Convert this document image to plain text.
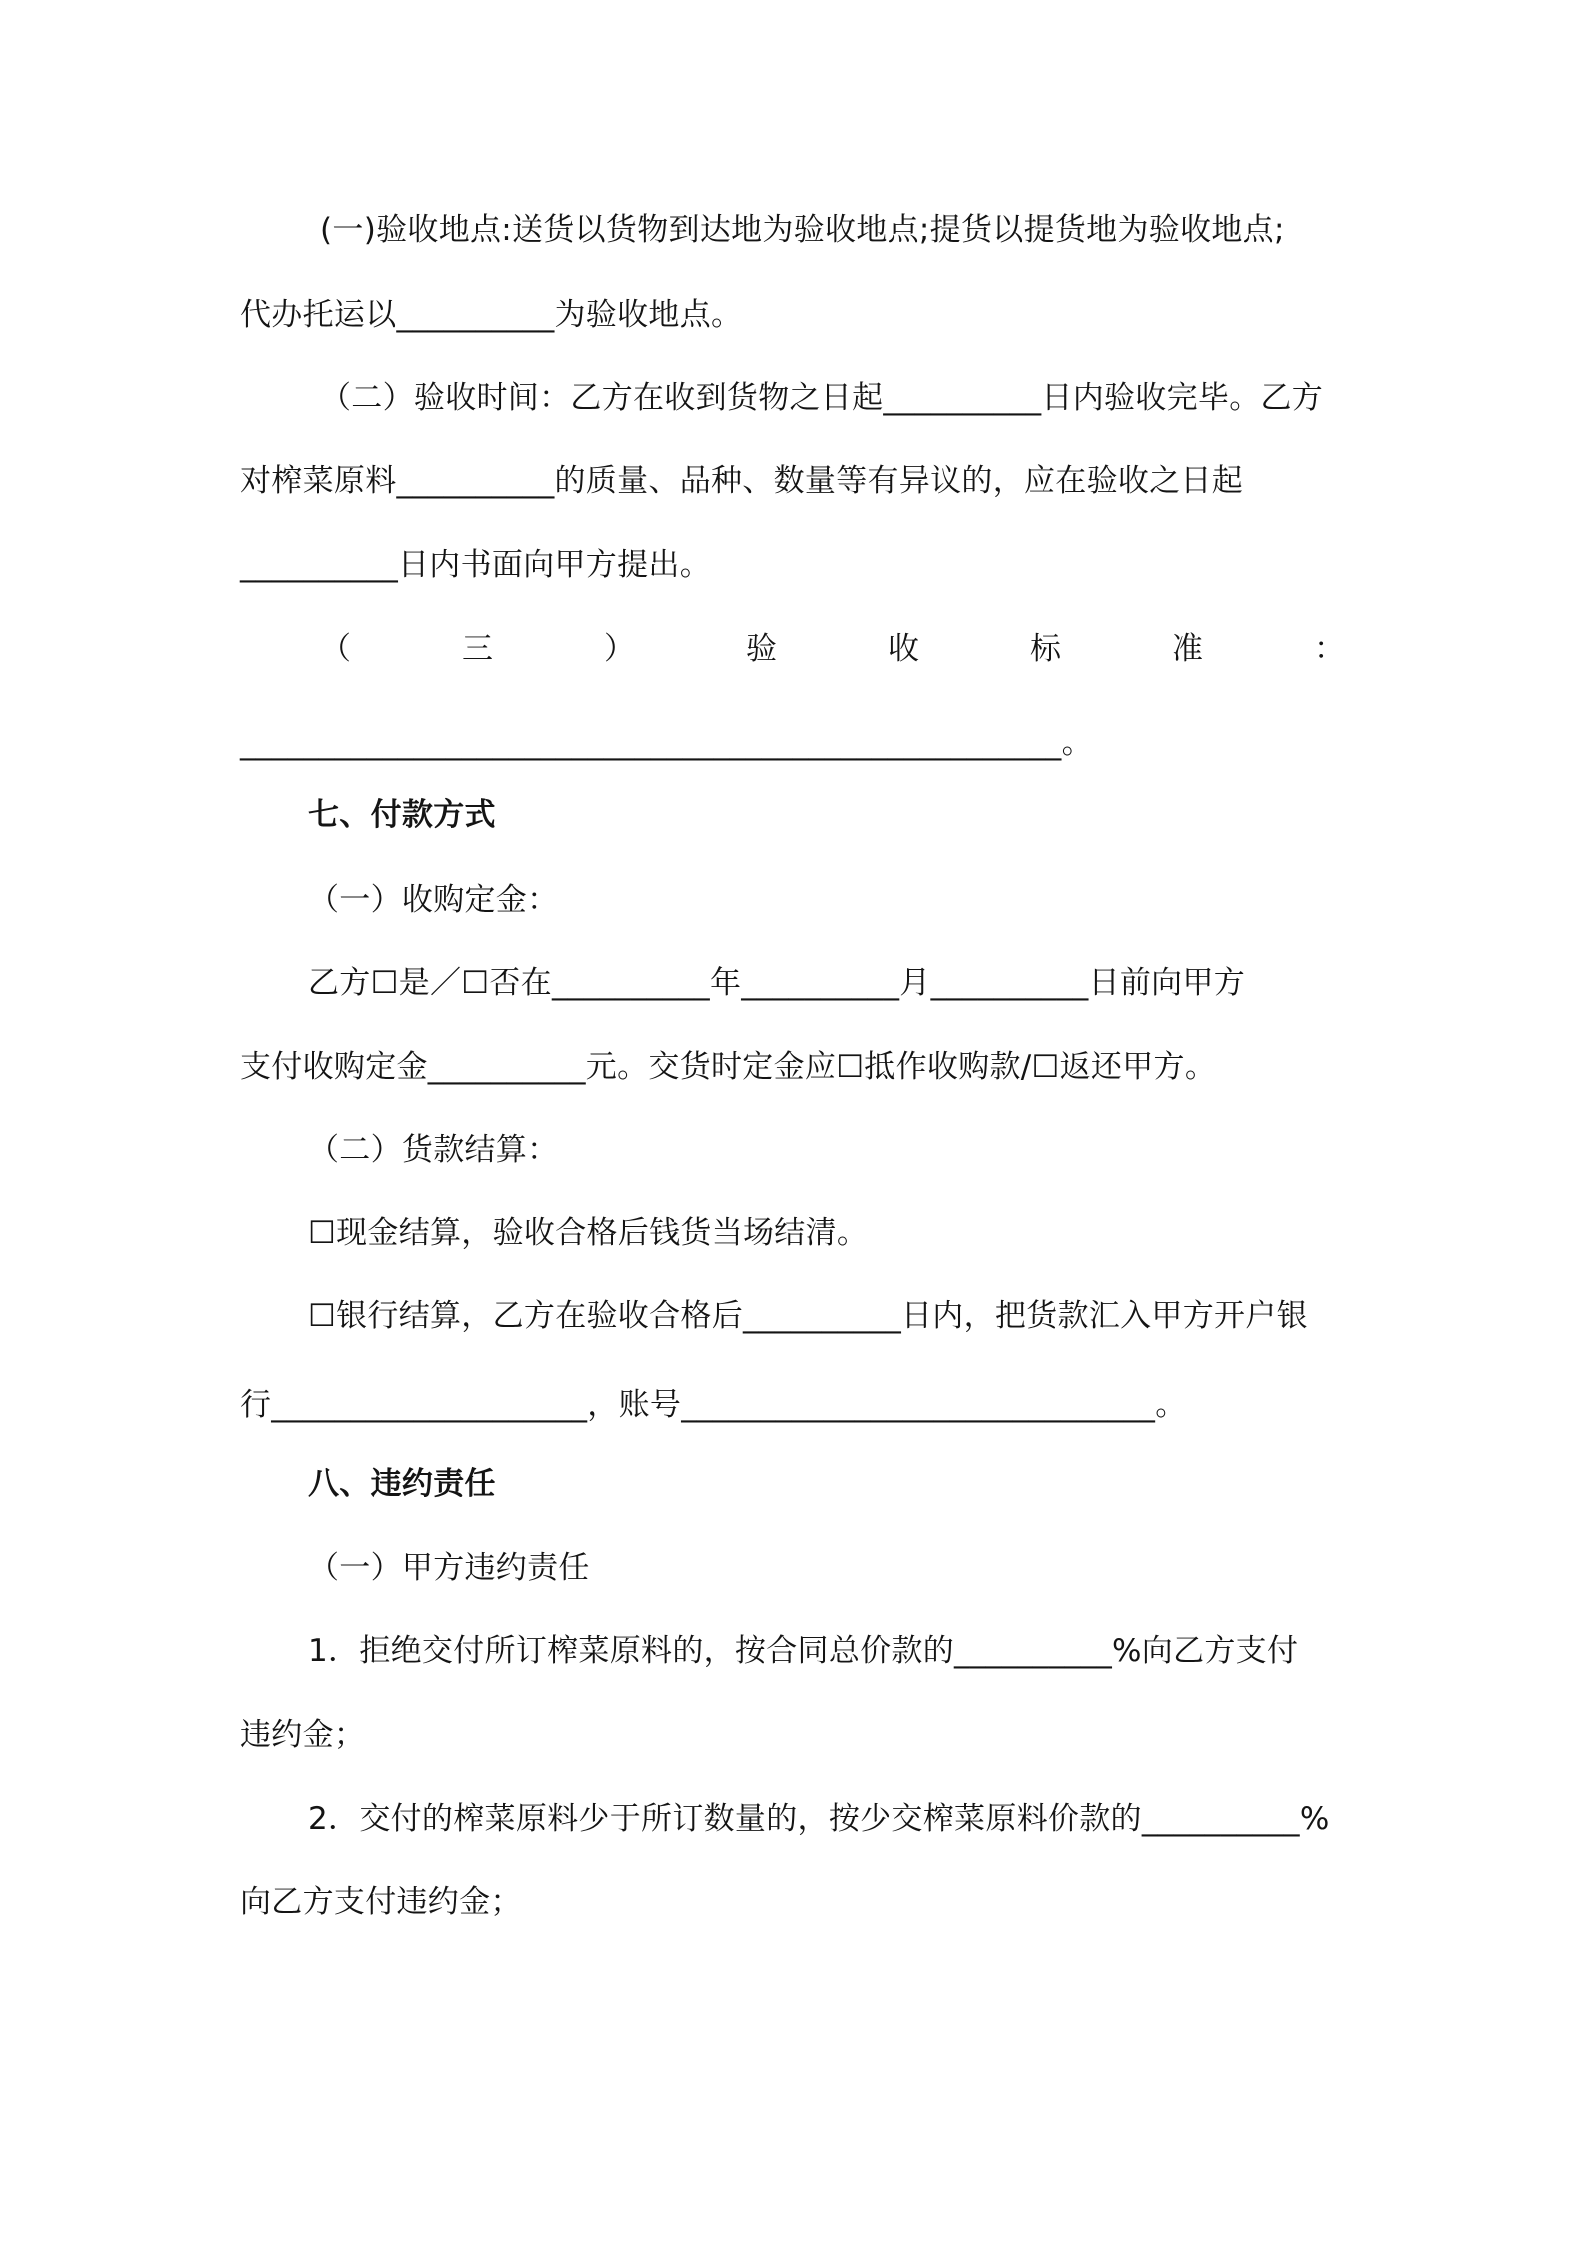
(一)验收地点:送货以货物到达地为验收地点;提货以提货地为验收地点;
代办托运以__________为验收地点。
（二）验收时间：乙方在收到货物之日起__________日内验收完毕。乙方
对榨菜原料__________的质量、品种、数量等有异议的，应在验收之日起
__________日内书面向甲方提出。
（	三	）	验	收	标	准	：
____________________________________________________。
七、付款方式
（一）收购定金：
乙方☐是／☐否在__________年__________月__________日前向甲方
支付收购定金__________元。交货时定金应☐抵作收购款/☐返还甲方。
（二）货款结算：
☐现金结算，验收合格后钱货当场结清。
☐银行结算，乙方在验收合格后__________日内，把货款汇入甲方开户银
行____________________，账号______________________________。
八、违约责任
（一）甲方违约责任
1．拒绝交付所订榨菜原料的，按合同总价款的__________%向乙方支付
违约金；
2．交付的榨菜原料少于所订数量的，按少交榨菜原料价款的__________%
向乙方支付违约金；
